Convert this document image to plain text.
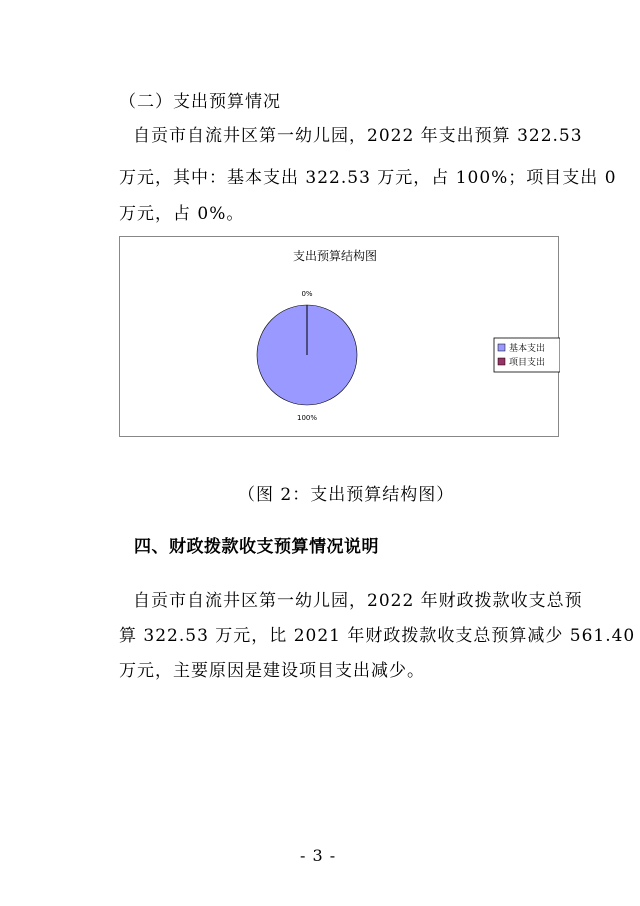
（二）支出预算情况
自贡市自流井区第一幼儿园，2022 年支出预算 322.53
万元，其中：基本支出 322.53 万元，占 100%；项目支出 0
万元，占 0%。
支出预算结构图
100%
0%
基本支出
项目支出
（图 2：支出预算结构图）
四、财政拨款收支预算情况说明
自贡市自流井区第一幼儿园，2022 年财政拨款收支总预
算 322.53 万元，比 2021 年财政拨款收支总预算减少 561.40
万元，主要原因是建设项目支出减少。
- 3 -
